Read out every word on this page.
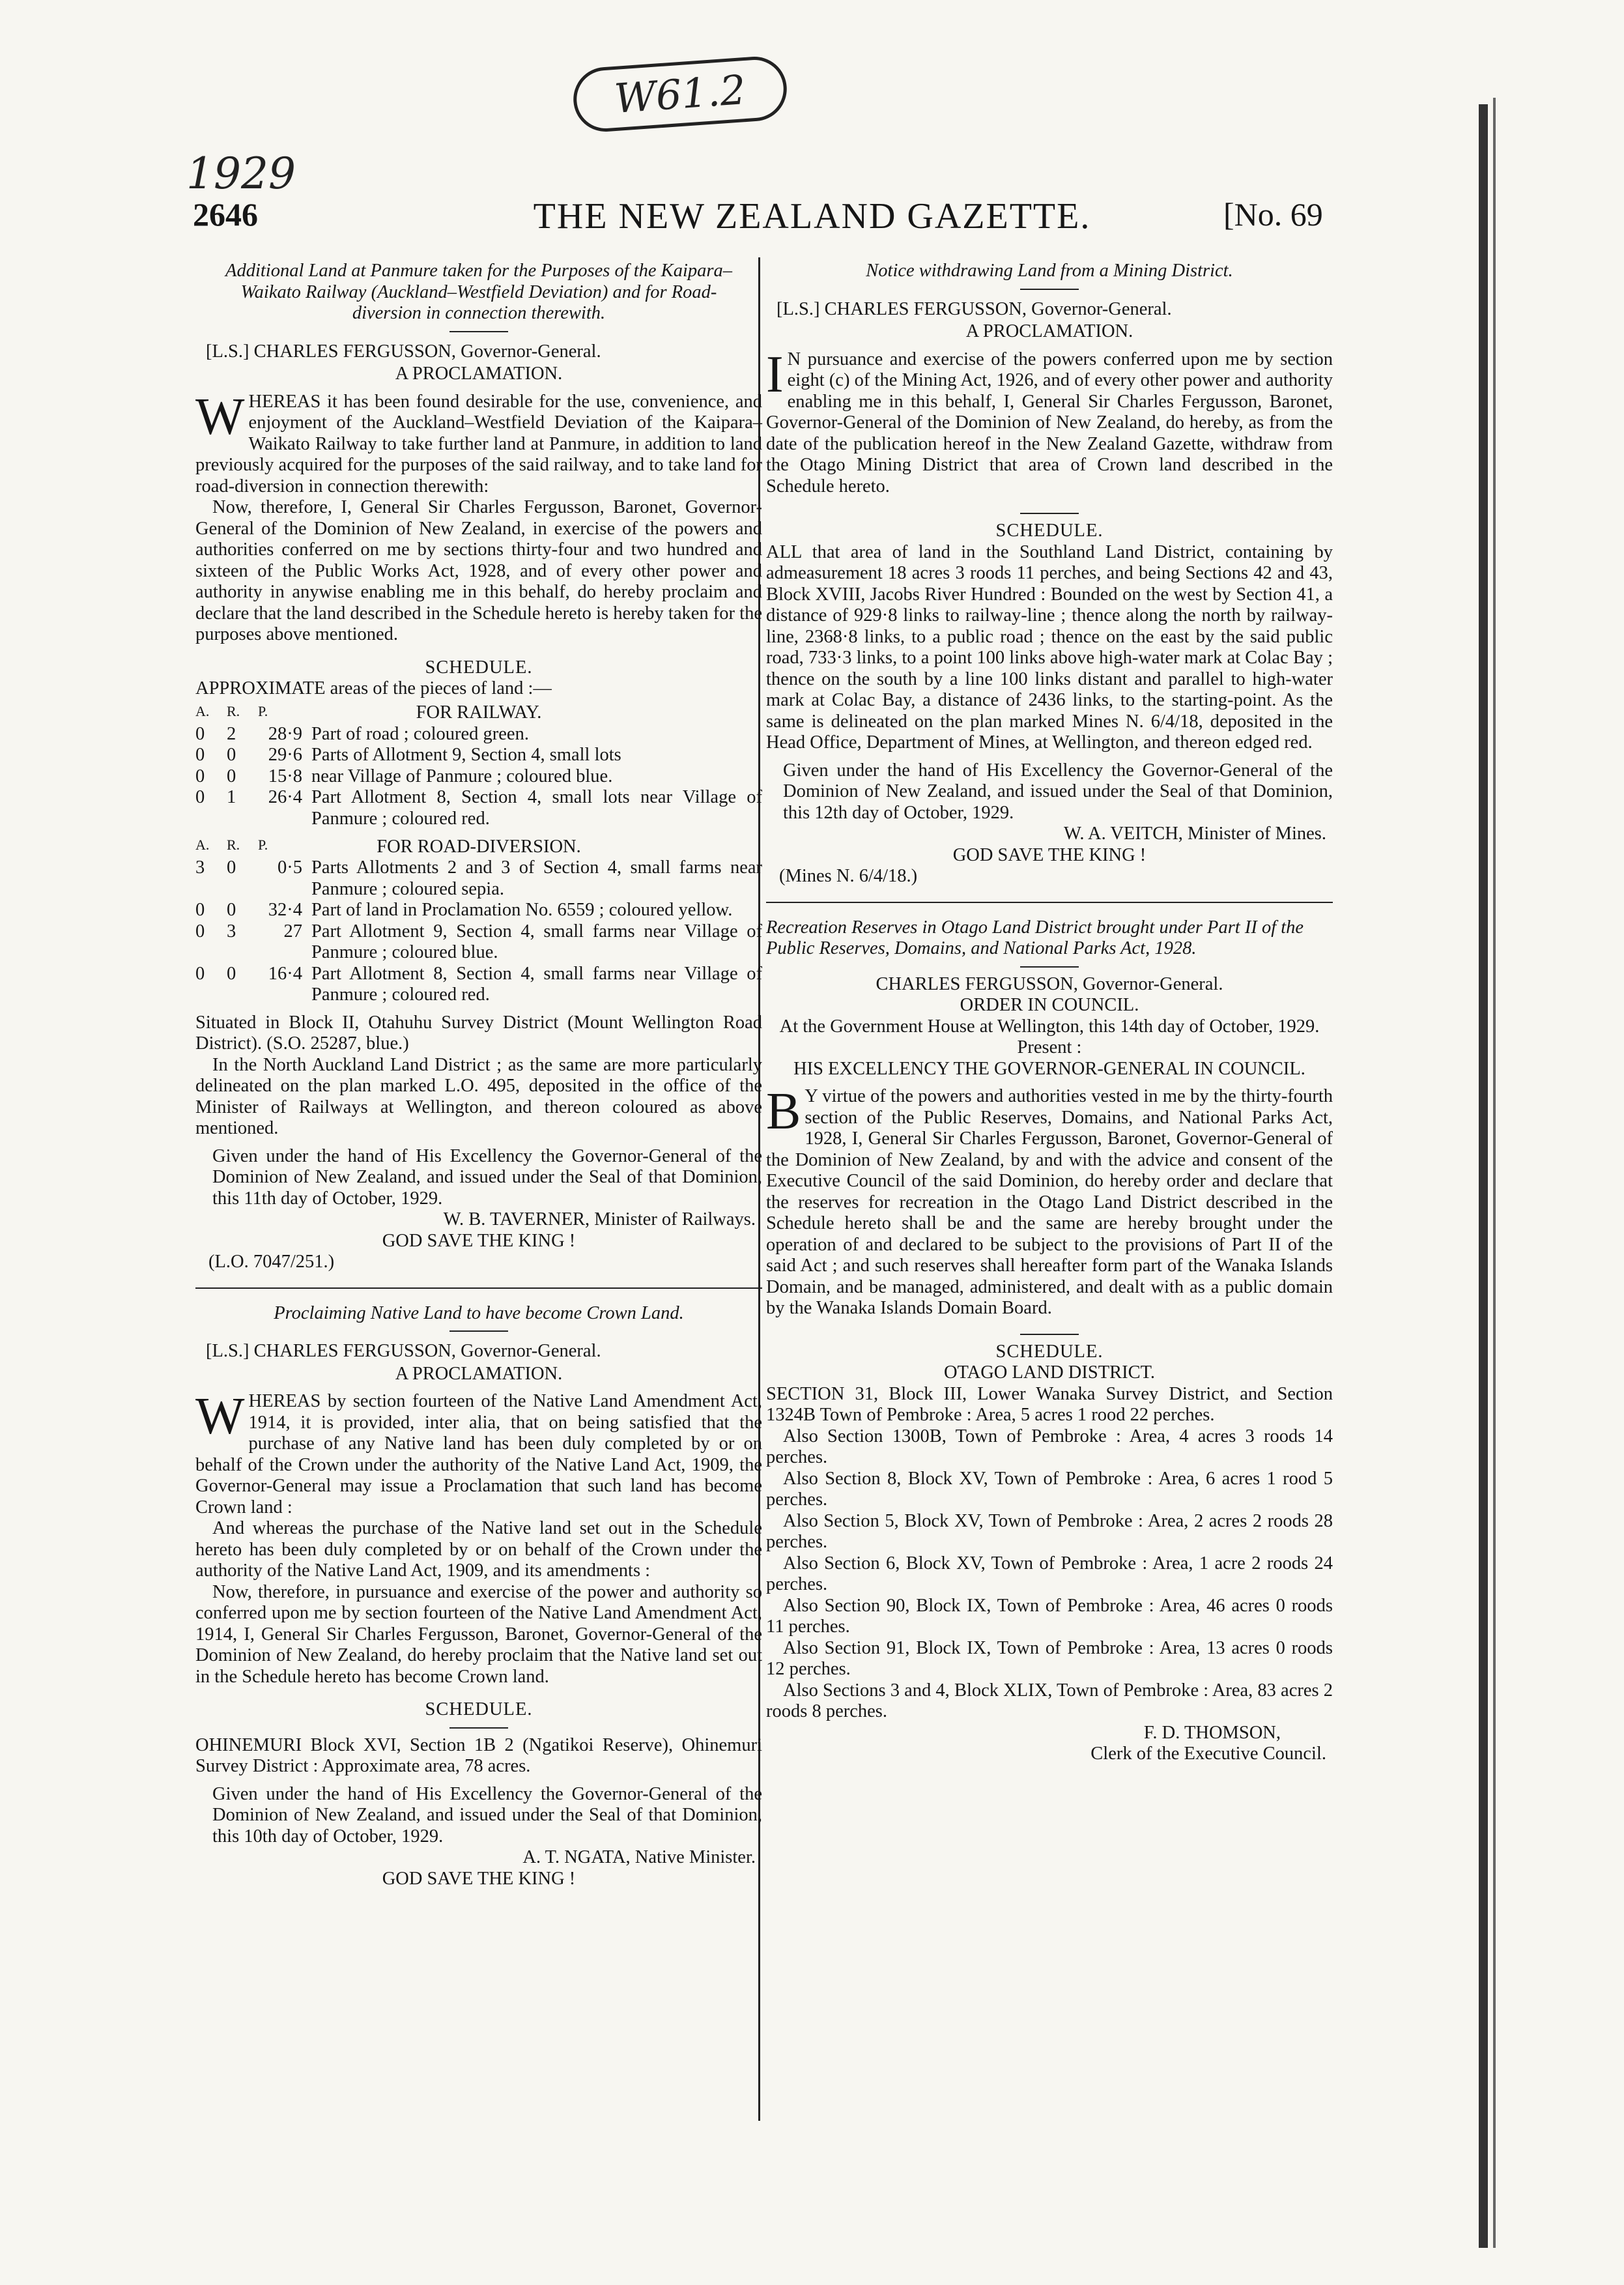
W61.2
1929
2646	THE NEW ZEALAND GAZETTE.	[No. 69
Additional Land at Panmure taken for the Purposes of the Kaipara–Waikato Railway (Auckland–Westfield Deviation) and for Road-diversion in connection therewith.
[L.S.] CHARLES FERGUSSON, Governor-General.
A PROCLAMATION.

WHEREAS it has been found desirable for the use, convenience, and enjoyment of the Auckland–Westfield Deviation of the Kaipara–Waikato Railway to take further land at Panmure, in addition to land previously acquired for the purposes of the said railway, and to take land for road-diversion in connection therewith:

Now, therefore, I, General Sir Charles Fergusson, Baronet, Governor-General of the Dominion of New Zealand, in exercise of the powers and authorities conferred on me by sections thirty-four and two hundred and sixteen of the Public Works Act, 1928, and of every other power and authority in anywise enabling me in this behalf, do hereby proclaim and declare that the land described in the Schedule hereto is hereby taken for the purposes above mentioned.

SCHEDULE.

APPROXIMATE areas of the pieces of land :—

A.	R.	P.	FOR RAILWAY.
0	2	28·9 Part of road ; coloured green.
0	0	29·6 Parts of Allotment 9, Section 4, small lots
0	0	15·8 near Village of Panmure ; coloured blue.
0	1	26·4 Part Allotment 8, Section 4, small lots near Village of Panmure ; coloured red.
A.	R.	P.	FOR ROAD-DIVERSION.
3	0	0·5 Parts Allotments 2 and 3 of Section 4, small farms near Panmure ; coloured sepia.
0	0	32·4 Part of land in Proclamation No. 6559 ; coloured yellow.
0	3	27 Part Allotment 9, Section 4, small farms near Village of Panmure ; coloured blue.
0	0	16·4 Part Allotment 8, Section 4, small farms near Village of Panmure ; coloured red.

Situated in Block II, Otahuhu Survey District (Mount Wellington Road District). (S.O. 25287, blue.)

In the North Auckland Land District ; as the same are more particularly delineated on the plan marked L.O. 495, deposited in the office of the Minister of Railways at Wellington, and thereon coloured as above mentioned.

Given under the hand of His Excellency the Governor-General of the Dominion of New Zealand, and issued under the Seal of that Dominion, this 11th day of October, 1929.

W. B. TAVERNER, Minister of Railways.
GOD SAVE THE KING !
(L.O. 7047/251.)
Proclaiming Native Land to have become Crown Land.
[L.S.] CHARLES FERGUSSON, Governor-General.
A PROCLAMATION.

WHEREAS by section fourteen of the Native Land Amendment Act, 1914, it is provided, inter alia, that on being satisfied that the purchase of any Native land has been duly completed by or on behalf of the Crown under the authority of the Native Land Act, 1909, the Governor-General may issue a Proclamation that such land has become Crown land :

And whereas the purchase of the Native land set out in the Schedule hereto has been duly completed by or on behalf of the Crown under the authority of the Native Land Act, 1909, and its amendments :

Now, therefore, in pursuance and exercise of the power and authority so conferred upon me by section fourteen of the Native Land Amendment Act, 1914, I, General Sir Charles Fergusson, Baronet, Governor-General of the Dominion of New Zealand, do hereby proclaim that the Native land set out in the Schedule hereto has become Crown land.

SCHEDULE.

OHINEMURI Block XVI, Section 1B 2 (Ngatikoi Reserve), Ohinemuri Survey District : Approximate area, 78 acres.

Given under the hand of His Excellency the Governor-General of the Dominion of New Zealand, and issued under the Seal of that Dominion, this 10th day of October, 1929.

A. T. NGATA, Native Minister.
GOD SAVE THE KING !
Notice withdrawing Land from a Mining District.
[L.S.] CHARLES FERGUSSON, Governor-General.
A PROCLAMATION.

I N pursuance and exercise of the powers conferred upon me by section eight (c) of the Mining Act, 1926, and of every other power and authority enabling me in this behalf, I, General Sir Charles Fergusson, Baronet, Governor-General of the Dominion of New Zealand, do hereby, as from the date of the publication hereof in the New Zealand Gazette, withdraw from the Otago Mining District that area of Crown land described in the Schedule hereto.

SCHEDULE.

ALL that area of land in the Southland Land District, containing by admeasurement 18 acres 3 roods 11 perches, and being Sections 42 and 43, Block XVIII, Jacobs River Hundred : Bounded on the west by Section 41, a distance of 929·8 links to railway-line ; thence along the north by railway-line, 2368·8 links, to a public road ; thence on the east by the said public road, 733·3 links, to a point 100 links above high-water mark at Colac Bay ; thence on the south by a line 100 links distant and parallel to high-water mark at Colac Bay, a distance of 2436 links, to the starting-point. As the same is delineated on the plan marked Mines N. 6/4/18, deposited in the Head Office, Department of Mines, at Wellington, and thereon edged red.

Given under the hand of His Excellency the Governor-General of the Dominion of New Zealand, and issued under the Seal of that Dominion, this 12th day of October, 1929.

W. A. VEITCH, Minister of Mines.
GOD SAVE THE KING !
(Mines N. 6/4/18.)
Recreation Reserves in Otago Land District brought under Part II of the Public Reserves, Domains, and National Parks Act, 1928.
CHARLES FERGUSSON, Governor-General.
ORDER IN COUNCIL.
At the Government House at Wellington, this 14th day of October, 1929.
Present :
HIS EXCELLENCY THE GOVERNOR-GENERAL IN COUNCIL.

B Y virtue of the powers and authorities vested in me by the thirty-fourth section of the Public Reserves, Domains, and National Parks Act, 1928, I, General Sir Charles Fergusson, Baronet, Governor-General of the Dominion of New Zealand, by and with the advice and consent of the Executive Council of the said Dominion, do hereby order and declare that the reserves for recreation in the Otago Land District described in the Schedule hereto shall be and the same are hereby brought under the operation of and declared to be subject to the provisions of Part II of the said Act ; and such reserves shall hereafter form part of the Wanaka Islands Domain, and be managed, administered, and dealt with as a public domain by the Wanaka Islands Domain Board.

SCHEDULE.
OTAGO LAND DISTRICT.

SECTION 31, Block III, Lower Wanaka Survey District, and Section 1324B Town of Pembroke : Area, 5 acres 1 rood 22 perches.

Also Section 1300B, Town of Pembroke : Area, 4 acres 3 roods 14 perches.

Also Section 8, Block XV, Town of Pembroke : Area, 6 acres 1 rood 5 perches.

Also Section 5, Block XV, Town of Pembroke : Area, 2 acres 2 roods 28 perches.

Also Section 6, Block XV, Town of Pembroke : Area, 1 acre 2 roods 24 perches.

Also Section 90, Block IX, Town of Pembroke : Area, 46 acres 0 roods 11 perches.

Also Section 91, Block IX, Town of Pembroke : Area, 13 acres 0 roods 12 perches.

Also Sections 3 and 4, Block XLIX, Town of Pembroke : Area, 83 acres 2 roods 8 perches.

F. D. THOMSON,
Clerk of the Executive Council.
